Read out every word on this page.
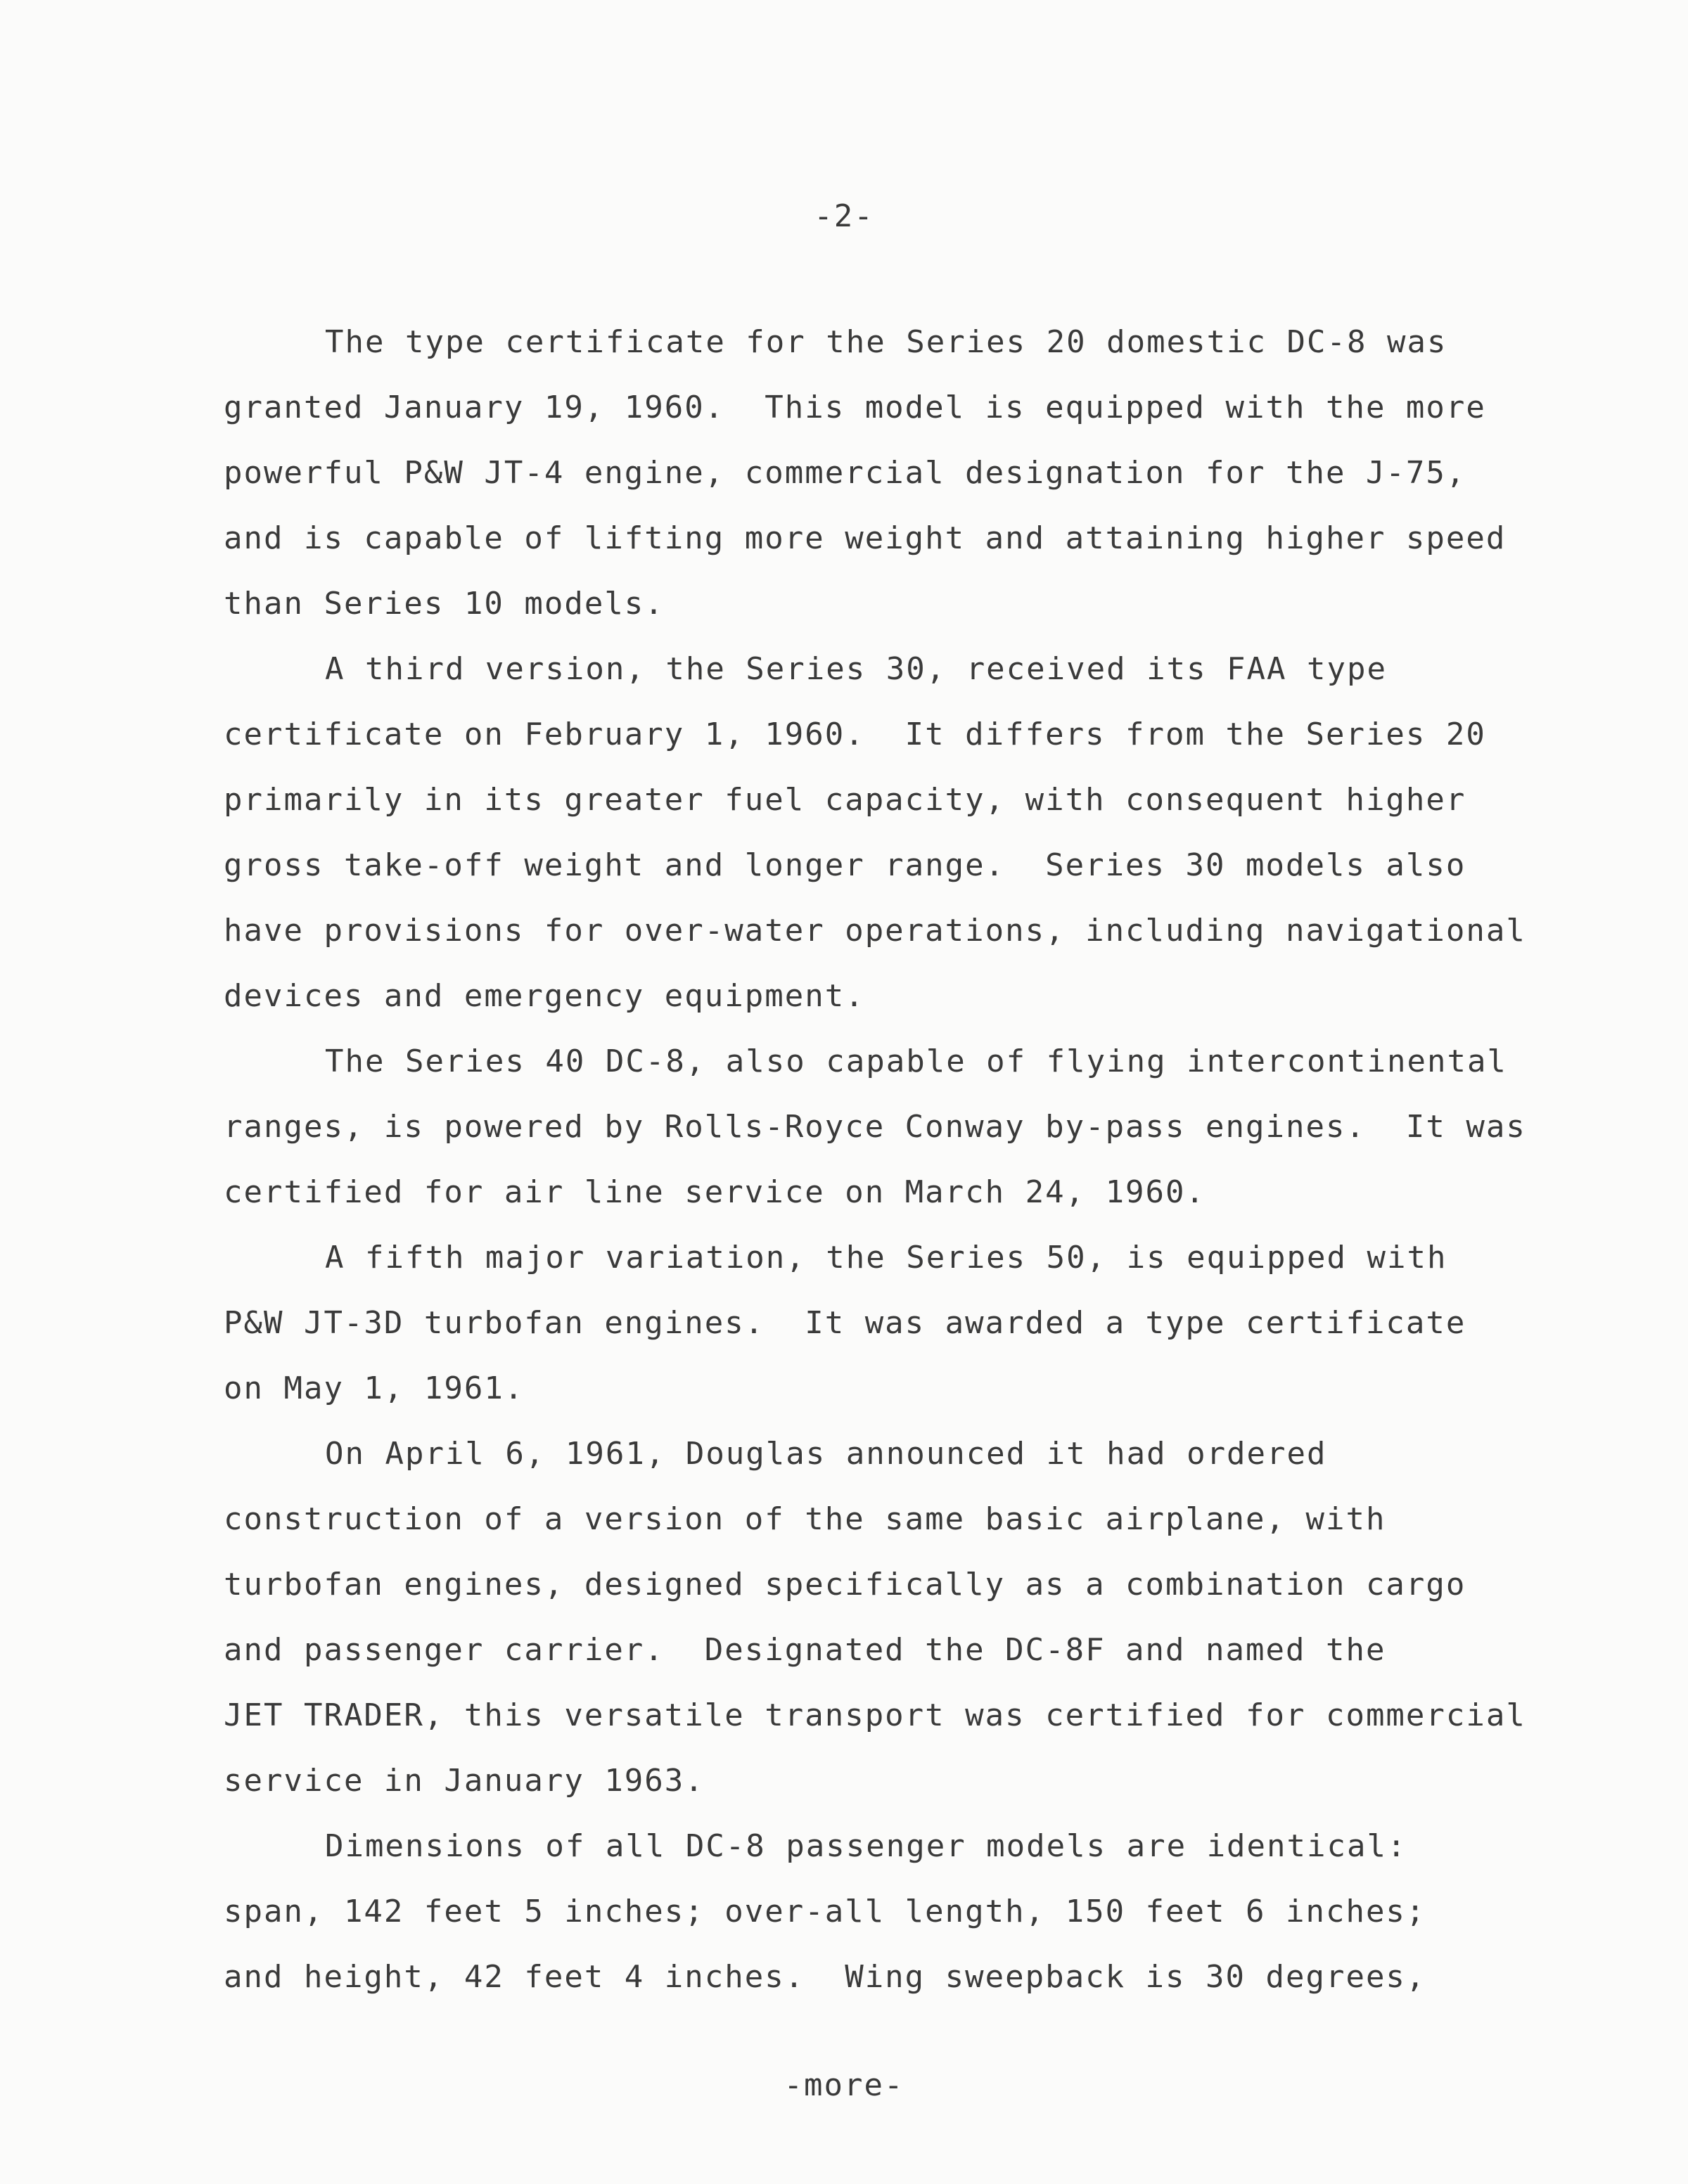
-2-
The type certificate for the Series 20 domestic DC-8 was
granted January 19, 1960.  This model is equipped with the more
powerful P&W JT-4 engine, commercial designation for the J-75,
and is capable of lifting more weight and attaining higher speed
than Series 10 models.
A third version, the Series 30, received its FAA type
certificate on February 1, 1960.  It differs from the Series 20
primarily in its greater fuel capacity, with consequent higher
gross take-off weight and longer range.  Series 30 models also
have provisions for over-water operations, including navigational
devices and emergency equipment.
The Series 40 DC-8, also capable of flying intercontinental
ranges, is powered by Rolls-Royce Conway by-pass engines.  It was
certified for air line service on March 24, 1960.
A fifth major variation, the Series 50, is equipped with
P&W JT-3D turbofan engines.  It was awarded a type certificate
on May 1, 1961.
On April 6, 1961, Douglas announced it had ordered
construction of a version of the same basic airplane, with
turbofan engines, designed specifically as a combination cargo
and passenger carrier.  Designated the DC-8F and named the
JET TRADER, this versatile transport was certified for commercial
service in January 1963.
Dimensions of all DC-8 passenger models are identical:
span, 142 feet 5 inches; over-all length, 150 feet 6 inches;
and height, 42 feet 4 inches.  Wing sweepback is 30 degrees,
-more-
